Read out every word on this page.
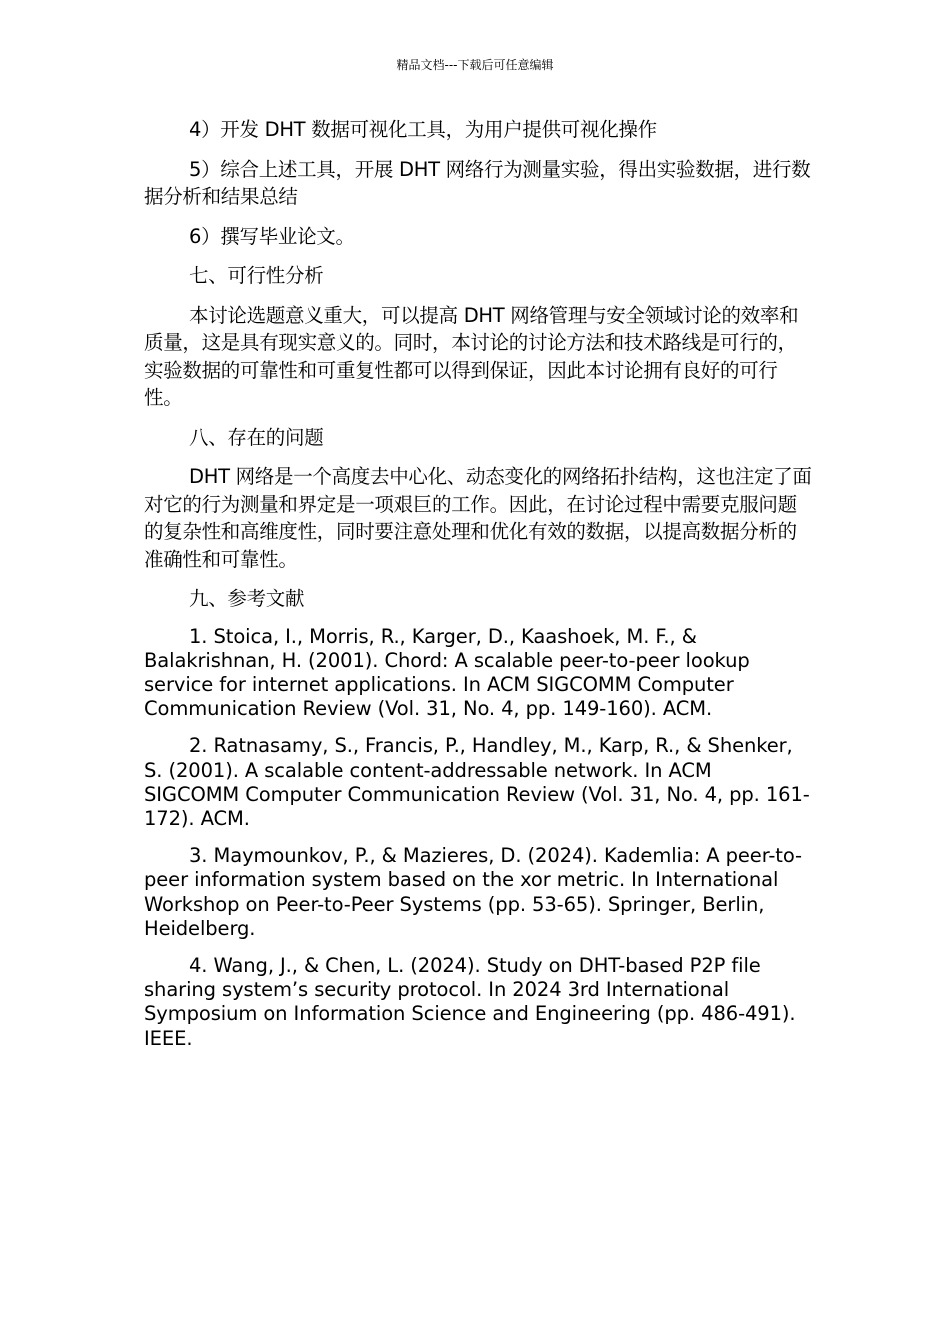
精品文档---下载后可任意编辑

4）开发 DHT 数据可视化工具，为用户提供可视化操作

5）综合上述工具，开展 DHT 网络行为测量实验，得出实验数据，进行数据分析和结果总结

6）撰写毕业论文。

七、可行性分析

本讨论选题意义重大，可以提高 DHT 网络管理与安全领域讨论的效率和质量，这是具有现实意义的。同时，本讨论的讨论方法和技术路线是可行的，实验数据的可靠性和可重复性都可以得到保证，因此本讨论拥有良好的可行性。

八、存在的问题

DHT 网络是一个高度去中心化、动态变化的网络拓扑结构，这也注定了面对它的行为测量和界定是一项艰巨的工作。因此，在讨论过程中需要克服问题的复杂性和高维度性，同时要注意处理和优化有效的数据，以提高数据分析的准确性和可靠性。

九、参考文献

1. Stoica, I., Morris, R., Karger, D., Kaashoek, M. F., & Balakrishnan, H. (2001). Chord: A scalable peer-to-peer lookup service for internet applications. In ACM SIGCOMM Computer Communication Review (Vol. 31, No. 4, pp. 149-160). ACM.

2. Ratnasamy, S., Francis, P., Handley, M., Karp, R., & Shenker, S. (2001). A scalable content-addressable network. In ACM SIGCOMM Computer Communication Review (Vol. 31, No. 4, pp. 161-172). ACM.

3. Maymounkov, P., & Mazieres, D. (2024). Kademlia: A peer-to-peer information system based on the xor metric. In International Workshop on Peer-to-Peer Systems (pp. 53-65). Springer, Berlin, Heidelberg.

4. Wang, J., & Chen, L. (2024). Study on DHT-based P2P file sharing system’s security protocol. In 2024 3rd International Symposium on Information Science and Engineering (pp. 486-491). IEEE.
